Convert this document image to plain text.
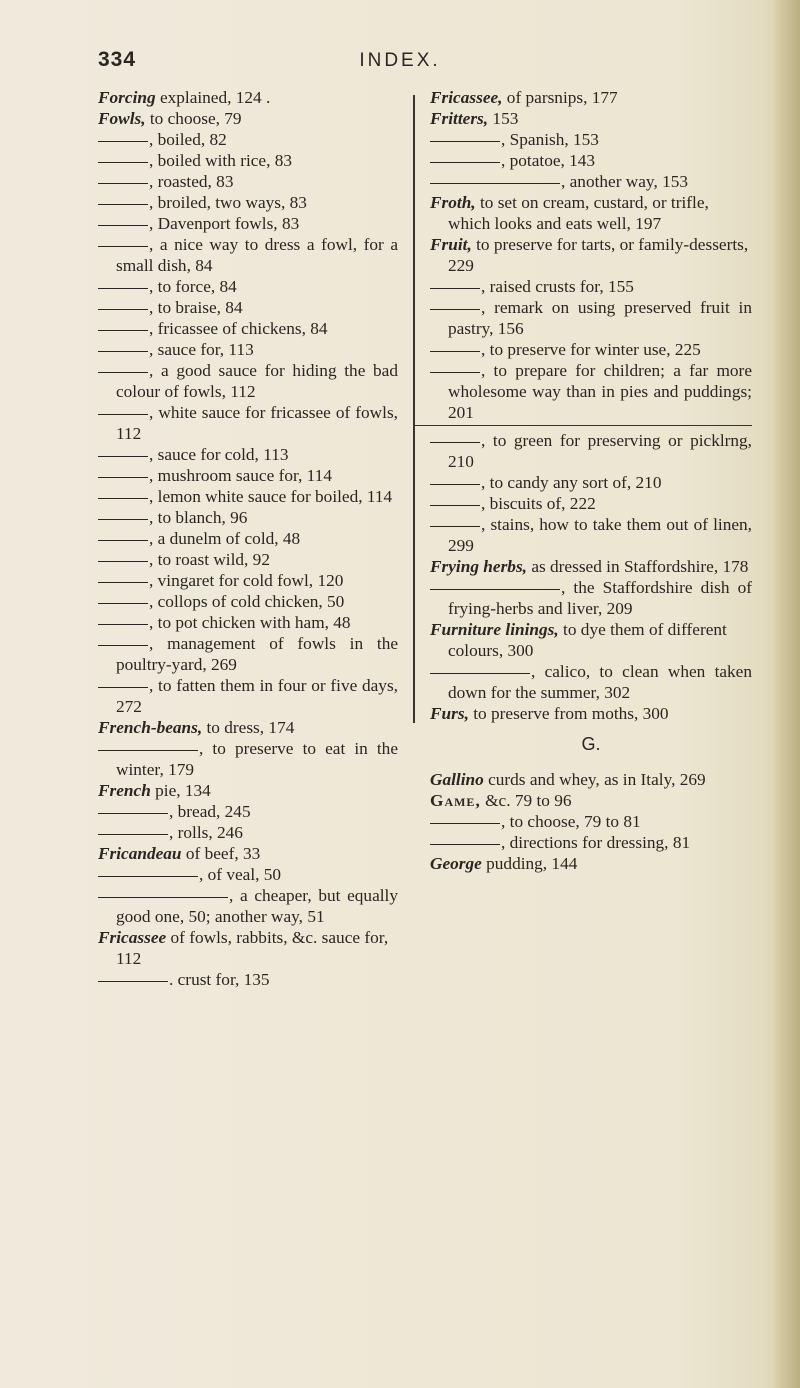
334	INDEX.

Forcing explained, 124 .

Fowls, to choose, 79

, boiled, 82

, boiled with rice, 83

, roasted, 83

, broiled, two ways, 83

, Davenport fowls, 83

, a nice way to dress a fowl, for a small dish, 84

, to force, 84

, to braise, 84

, fricassee of chickens, 84

, sauce for, 113

, a good sauce for hiding the bad colour of fowls, 112

, white sauce for fricassee of fowls, 112

, sauce for cold, 113

, mushroom sauce for, 114

, lemon white sauce for boiled, 114

, to blanch, 96

, a dunelm of cold, 48

, to roast wild, 92

, vingaret for cold fowl, 120

, collops of cold chicken, 50

, to pot chicken with ham, 48

, management of fowls in the poultry-yard, 269

, to fatten them in four or five days, 272

French-beans, to dress, 174

, to preserve to eat in the winter, 179

French pie, 134

, bread, 245

, rolls, 246

Fricandeau of beef, 33

, of veal, 50

, a cheaper, but equally good one, 50; another way, 51

Fricassee of fowls, rabbits, &c. sauce for, 112

. crust for, 135

Fricassee, of parsnips, 177

Fritters, 153

, Spanish, 153

, potatoe, 143

, another way, 153

Froth, to set on cream, custard, or trifle, which looks and eats well, 197

Fruit, to preserve for tarts, or family-desserts, 229

, raised crusts for, 155

, remark on using preserved fruit in pastry, 156

, to preserve for winter use, 225

, to prepare for children; a far more wholesome way than in pies and puddings; 201

, to green for preserving or picklrng, 210

, to candy any sort of, 210

, biscuits of, 222

, stains, how to take them out of linen, 299

Frying herbs, as dressed in Staffordshire, 178

, the Staffordshire dish of frying-herbs and liver, 209

Furniture linings, to dye them of different colours, 300

, calico, to clean when taken down for the summer, 302

Furs, to preserve from moths, 300

G.

Gallino curds and whey, as in Italy, 269

Game, &c. 79 to 96

, to choose, 79 to 81

, directions for dressing, 81

George pudding, 144
